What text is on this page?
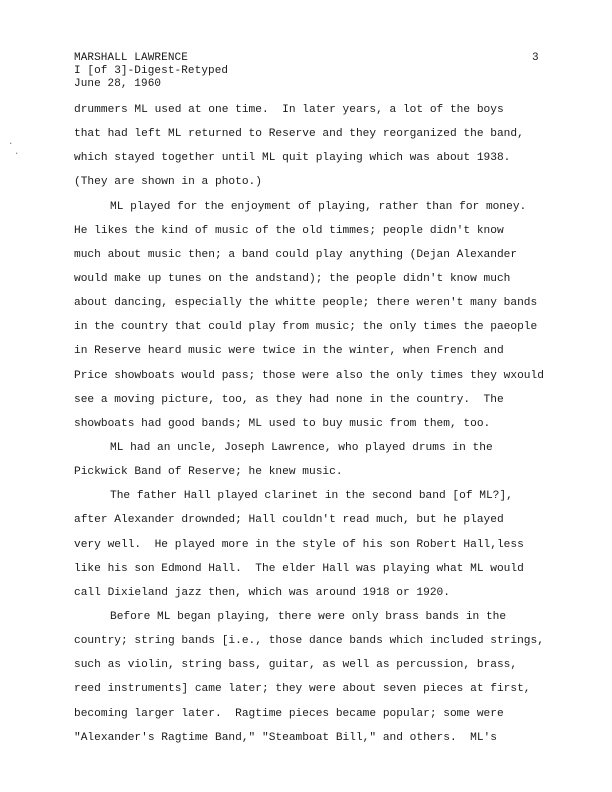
MARSHALL LAWRENCE
I [of 3]-Digest-Retyped
June 28, 1960
3
·
·
drummers ML used at one time.  In later years, a lot of the boys
that had left ML returned to Reserve and they reorganized the band,
which stayed together until ML quit playing which was about 1938.
(They are shown in a photo.)
ML played for the enjoyment of playing, rather than for money.
He likes the kind of music of the old timmes; people didn't know
much about music then; a band could play anything (Dejan Alexander
would make up tunes on the andstand); the people didn't know much
about dancing, especially the whitte people; there weren't many bands
in the country that could play from music; the only times the paeople
in Reserve heard music were twice in the winter, when French and
Price showboats would pass; those were also the only times they wxould
see a moving picture, too, as they had none in the country.  The
showboats had good bands; ML used to buy music from them, too.
ML had an uncle, Joseph Lawrence, who played drums in the
Pickwick Band of Reserve; he knew music.
The father Hall played clarinet in the second band [of ML?],
after Alexander drownded; Hall couldn't read much, but he played
very well.  He played more in the style of his son Robert Hall,less
like his son Edmond Hall.  The elder Hall was playing what ML would
call Dixieland jazz then, which was around 1918 or 1920.
Before ML began playing, there were only brass bands in the
country; string bands [i.e., those dance bands which included strings,
such as violin, string bass, guitar, as well as percussion, brass,
reed instruments] came later; they were about seven pieces at first,
becoming larger later.  Ragtime pieces became popular; some were
"Alexander's Ragtime Band," "Steamboat Bill," and others.  ML's
